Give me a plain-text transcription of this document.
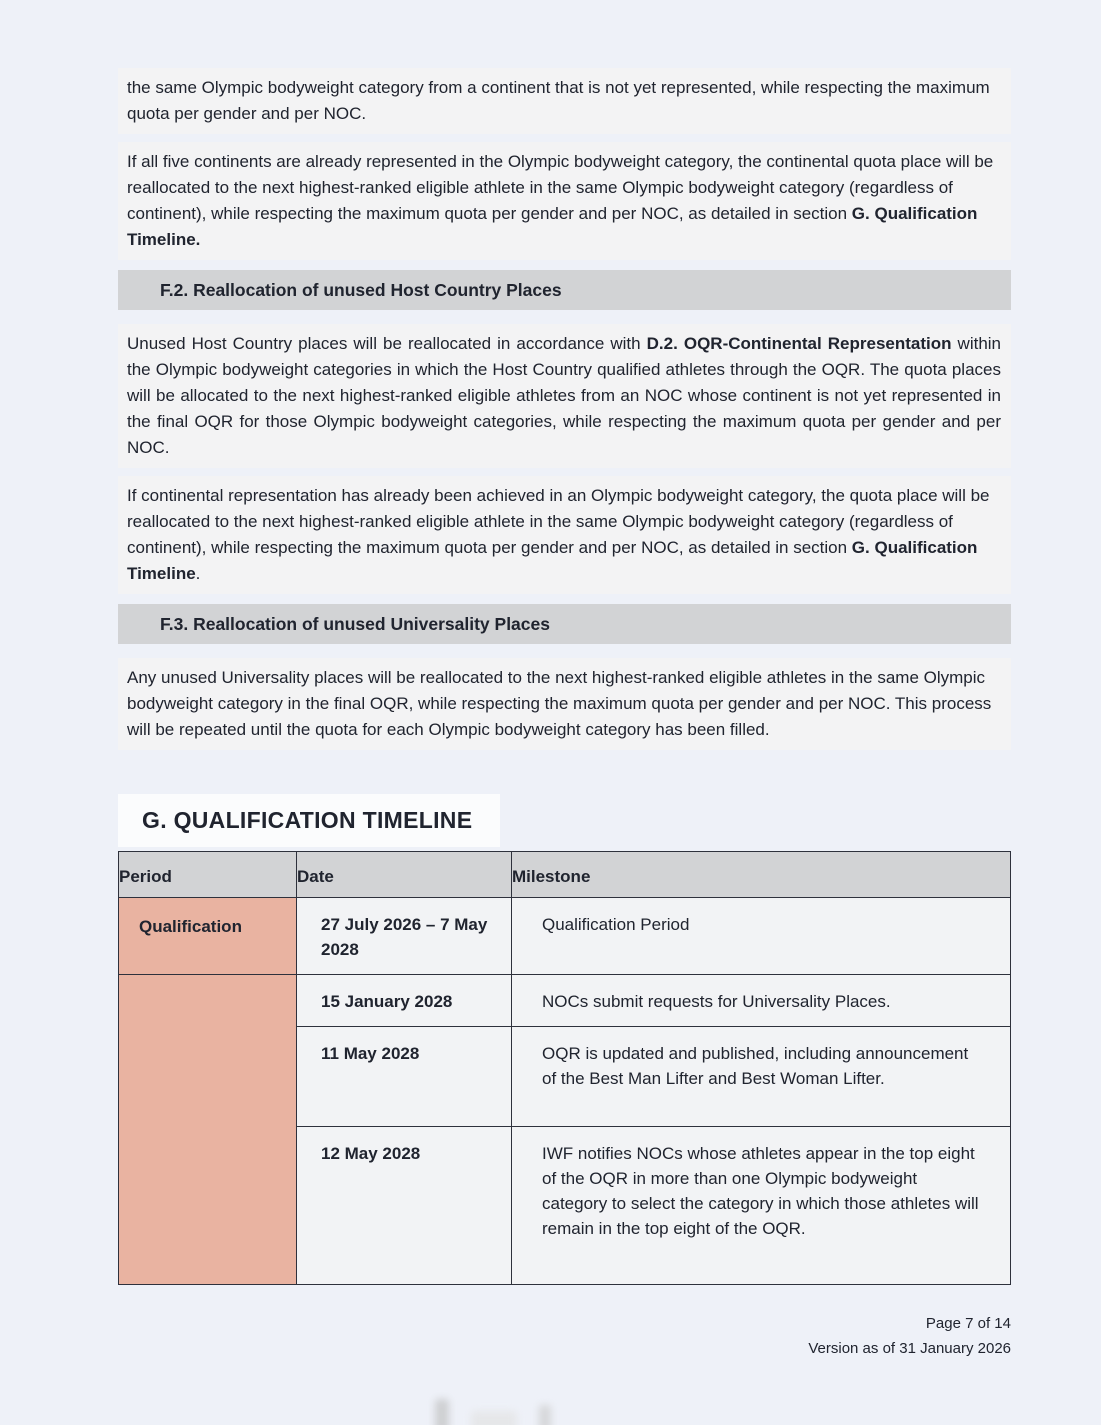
the same Olympic bodyweight category from a continent that is not yet represented, while respecting the maximum quota per gender and per NOC.

If all five continents are already represented in the Olympic bodyweight category, the continental quota place will be reallocated to the next highest-ranked eligible athlete in the same Olympic bodyweight category (regardless of continent), while respecting the maximum quota per gender and per NOC, as detailed in section G. Qualification Timeline.

F.2. Reallocation of unused Host Country Places

Unused Host Country places will be reallocated in accordance with D.2. OQR-Continental Representation within the Olympic bodyweight categories in which the Host Country qualified athletes through the OQR. The quota places will be allocated to the next highest-ranked eligible athletes from an NOC whose continent is not yet represented in the final OQR for those Olympic bodyweight categories, while respecting the maximum quota per gender and per NOC.

If continental representation has already been achieved in an Olympic bodyweight category, the quota place will be reallocated to the next highest-ranked eligible athlete in the same Olympic bodyweight category (regardless of continent), while respecting the maximum quota per gender and per NOC, as detailed in section G. Qualification Timeline.

F.3. Reallocation of unused Universality Places

Any unused Universality places will be reallocated to the next highest-ranked eligible athletes in the same Olympic bodyweight category in the final OQR, while respecting the maximum quota per gender and per NOC. This process will be repeated until the quota for each Olympic bodyweight category has been filled.

G. QUALIFICATION TIMELINE
Period	Date	Milestone
Qualification	27 July 2026 – 7 May 2028	Qualification Period
	15 January 2028	NOCs submit requests for Universality Places.
	11 May 2028	OQR is updated and published, including announcement of the Best Man Lifter and Best Woman Lifter.
	12 May 2028	IWF notifies NOCs whose athletes appear in the top eight of the OQR in more than one Olympic bodyweight category to select the category in which those athletes will remain in the top eight of the OQR.
Page 7 of 14
Version as of 31 January 2026
